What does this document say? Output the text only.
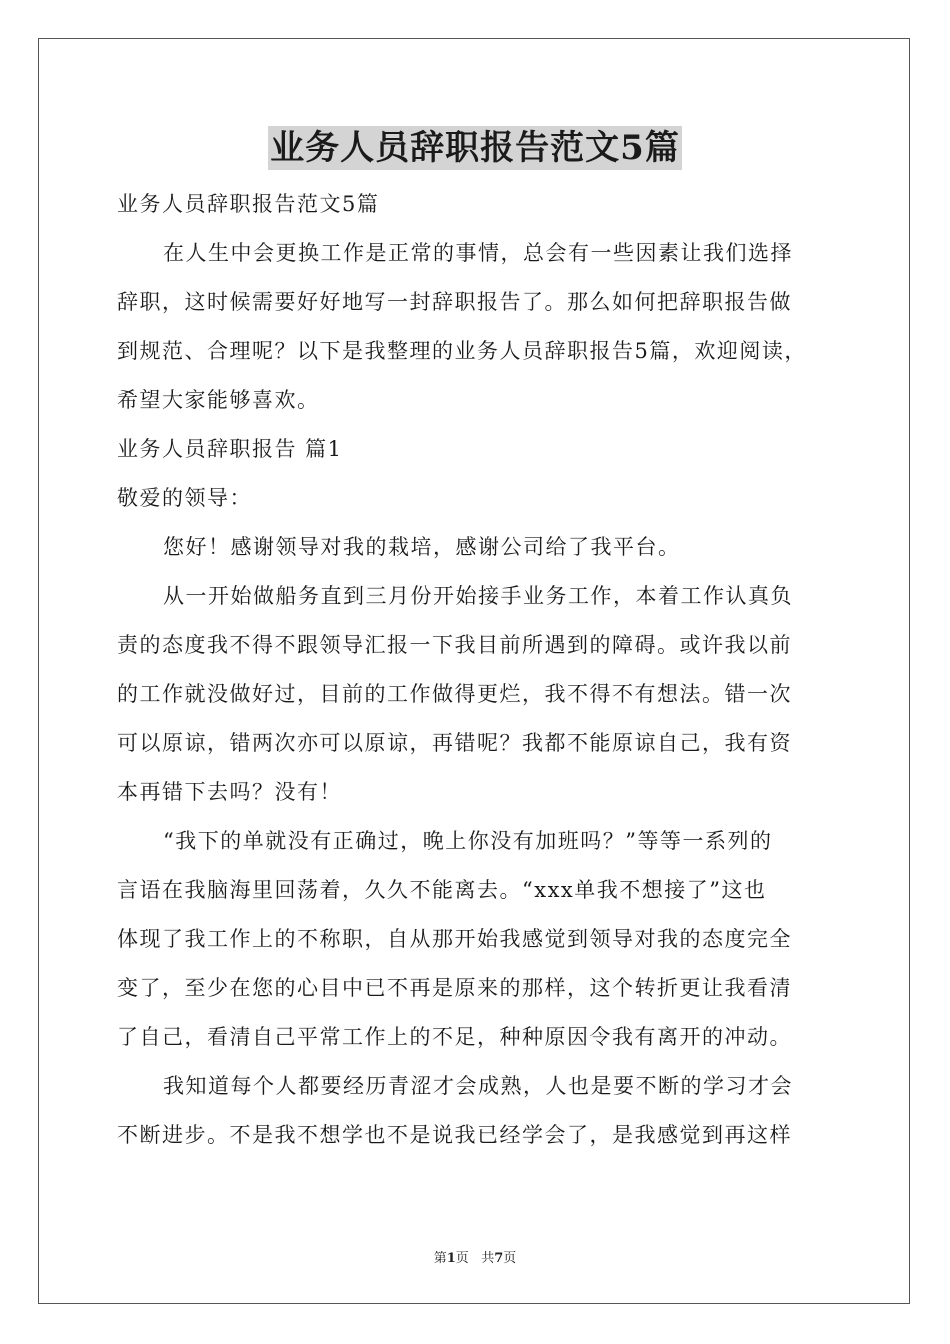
业务人员辞职报告范文5篇
业务人员辞职报告范文5篇
在人生中会更换工作是正常的事情，总会有一些因素让我们选择
辞职，这时候需要好好地写一封辞职报告了。那么如何把辞职报告做
到规范、合理呢？以下是我整理的业务人员辞职报告5篇，欢迎阅读，
希望大家能够喜欢。
业务人员辞职报告 篇1
敬爱的领导：
您好！感谢领导对我的栽培，感谢公司给了我平台。
从一开始做船务直到三月份开始接手业务工作，本着工作认真负
责的态度我不得不跟领导汇报一下我目前所遇到的障碍。或许我以前
的工作就没做好过，目前的工作做得更烂，我不得不有想法。错一次
可以原谅，错两次亦可以原谅，再错呢？我都不能原谅自己，我有资
本再错下去吗？没有！
“我下的单就没有正确过，晚上你没有加班吗？”等等一系列的
言语在我脑海里回荡着，久久不能离去。“xxx单我不想接了”这也
体现了我工作上的不称职，自从那开始我感觉到领导对我的态度完全
变了，至少在您的心目中已不再是原来的那样，这个转折更让我看清
了自己，看清自己平常工作上的不足，种种原因令我有离开的冲动。
我知道每个人都要经历青涩才会成熟，人也是要不断的学习才会
不断进步。不是我不想学也不是说我已经学会了，是我感觉到再这样
第1页 共7页
